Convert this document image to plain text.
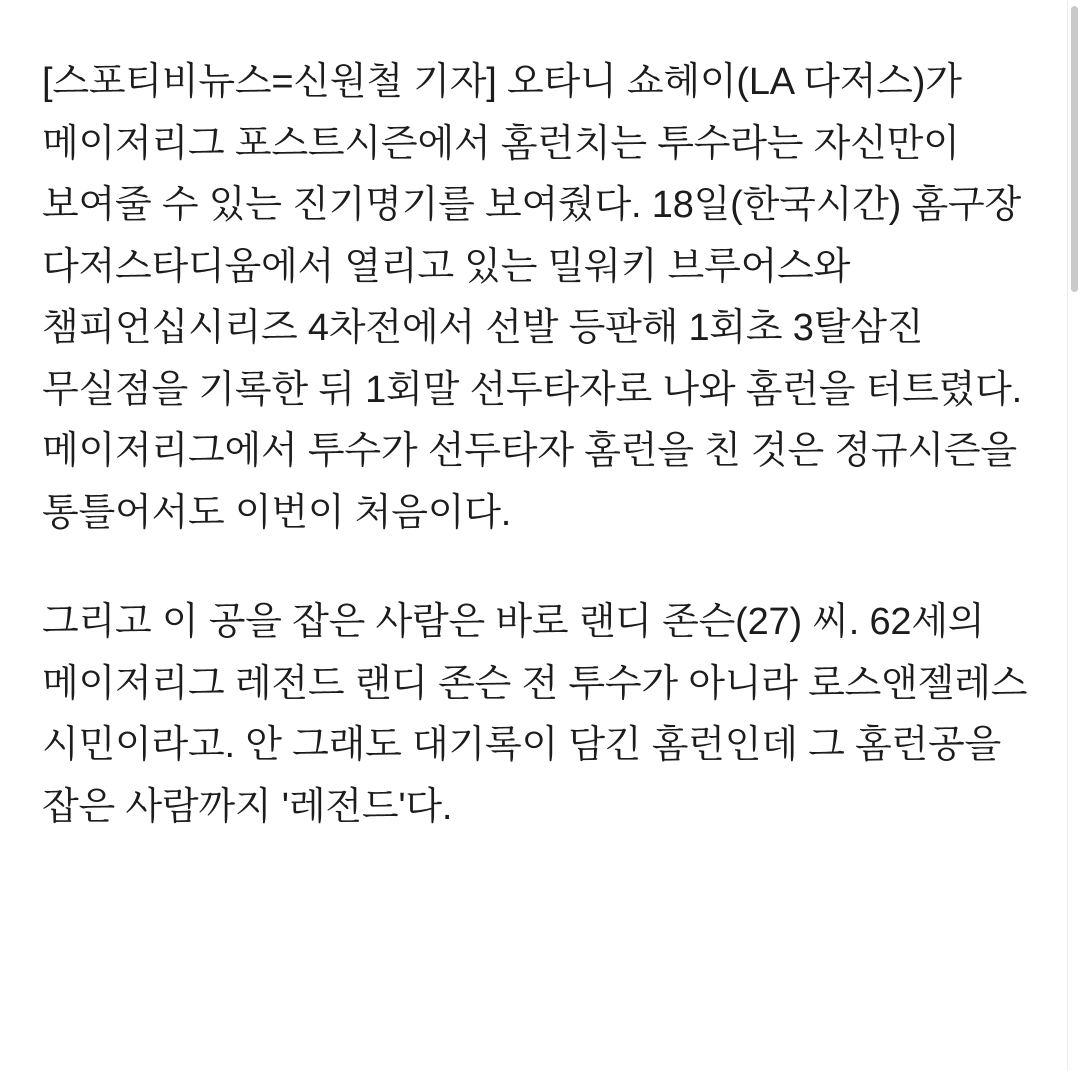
[스포티비뉴스=신원철 기자] 오타니 쇼헤이(LA 다저스)가 메이저리그 포스트시즌에서 홈런치는 투수라는 자신만이 보여줄 수 있는 진기명기를 보여줬다. 18일(한국시간) 홈구장 다저스타디움에서 열리고 있는 밀워키 브루어스와 챔피언십시리즈 4차전에서 선발 등판해 1회초 3탈삼진 무실점을 기록한 뒤 1회말 선두타자로 나와 홈런을 터트렸다. 메이저리그에서 투수가 선두타자 홈런을 친 것은 정규시즌을 통틀어서도 이번이 처음이다.

그리고 이 공을 잡은 사람은 바로 랜디 존슨(27) 씨. 62세의 메이저리그 레전드 랜디 존슨 전 투수가 아니라 로스앤젤레스 시민이라고. 안 그래도 대기록이 담긴 홈런인데 그 홈런공을 잡은 사람까지 '레전드'다.
